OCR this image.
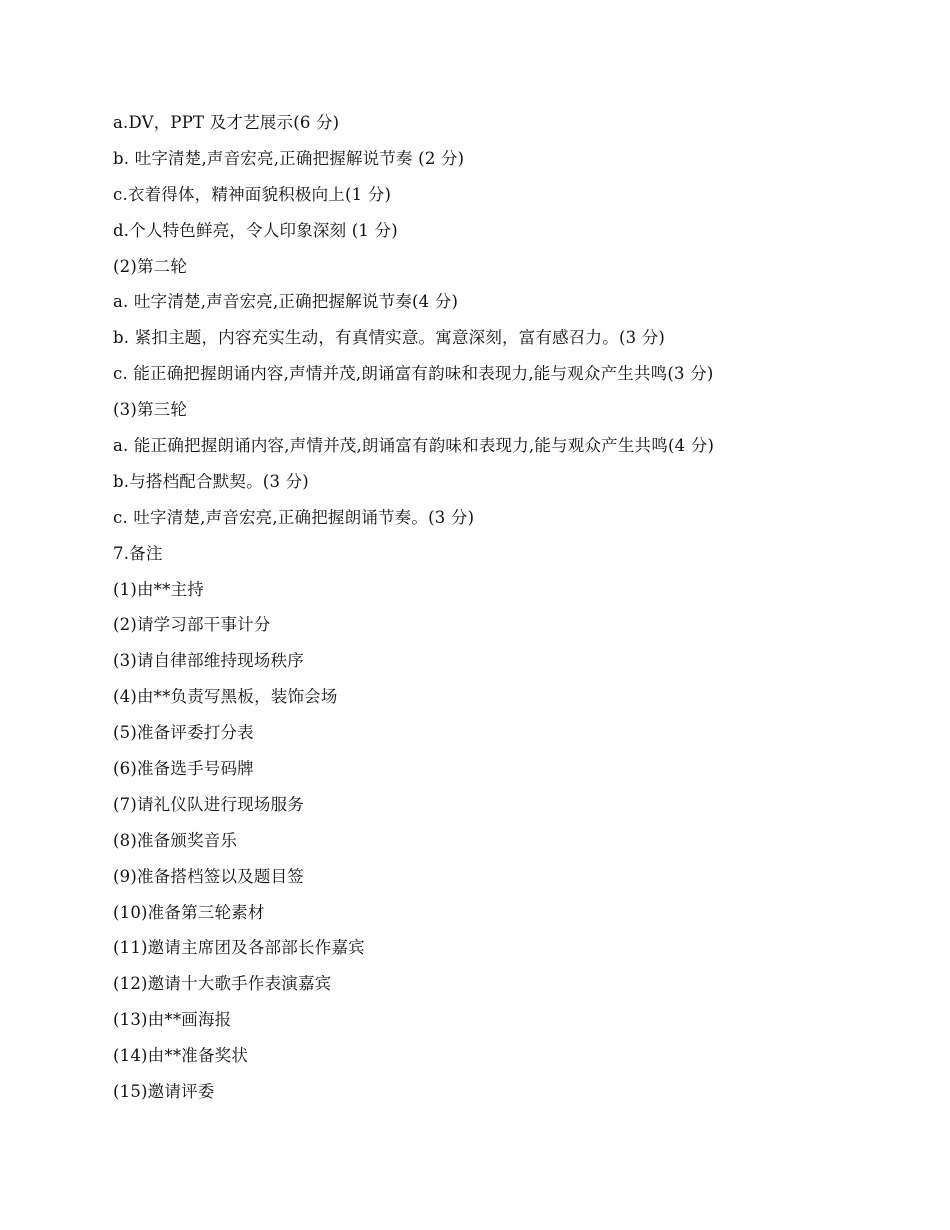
a.DV，PPT 及才艺展示(6 分)
b. 吐字清楚,声音宏亮,正确把握解说节奏 (2 分)
c.衣着得体，精神面貌积极向上(1 分)
d.个人特色鲜亮，令人印象深刻 (1 分)
(2)第二轮
a. 吐字清楚,声音宏亮,正确把握解说节奏(4 分)
b. 紧扣主题，内容充实生动，有真情实意。寓意深刻，富有感召力。(3 分)
c. 能正确把握朗诵内容,声情并茂,朗诵富有韵味和表现力,能与观众产生共鸣(3 分)
(3)第三轮
a. 能正确把握朗诵内容,声情并茂,朗诵富有韵味和表现力,能与观众产生共鸣(4 分)
b.与搭档配合默契。(3 分)
c. 吐字清楚,声音宏亮,正确把握朗诵节奏。(3 分)
7.备注
(1)由**主持
(2)请学习部干事计分
(3)请自律部维持现场秩序
(4)由**负责写黑板，装饰会场
(5)准备评委打分表
(6)准备选手号码牌
(7)请礼仪队进行现场服务
(8)准备颁奖音乐
(9)准备搭档签以及题目签
(10)准备第三轮素材
(11)邀请主席团及各部部长作嘉宾
(12)邀请十大歌手作表演嘉宾
(13)由**画海报
(14)由**准备奖状
(15)邀请评委
